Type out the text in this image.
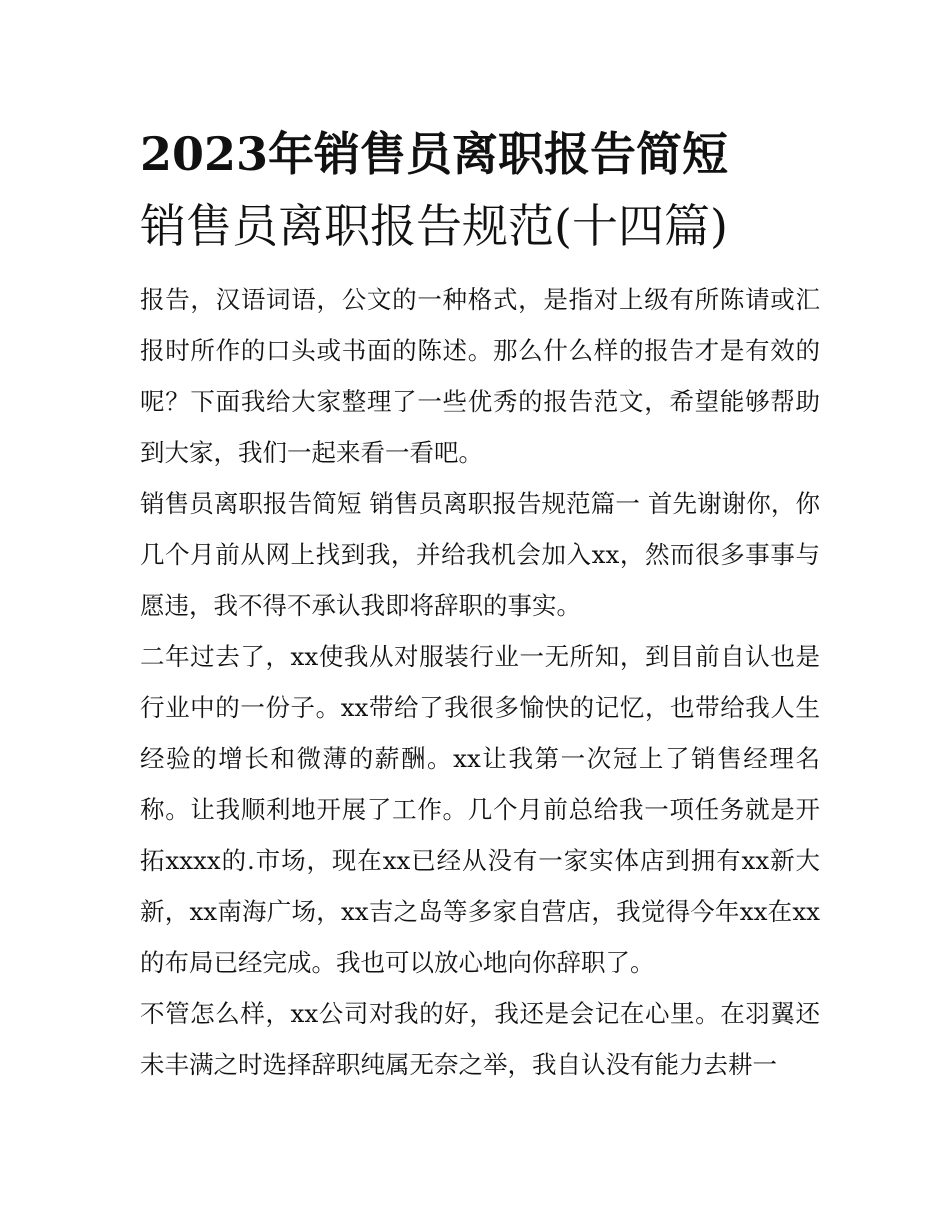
2023年销售员离职报告简短
销售员离职报告规范(十四篇)

报告，汉语词语，公文的一种格式，是指对上级有所陈请或汇报时所作的口头或书面的陈述。那么什么样的报告才是有效的呢？下面我给大家整理了一些优秀的报告范文，希望能够帮助到大家，我们一起来看一看吧。

销售员离职报告简短 销售员离职报告规范篇一 首先谢谢你，你几个月前从网上找到我，并给我机会加入xx，然而很多事事与愿违，我不得不承认我即将辞职的事实。

二年过去了，xx使我从对服装行业一无所知，到目前自认也是行业中的一份子。xx带给了我很多愉快的记忆，也带给我人生经验的增长和微薄的薪酬。xx让我第一次冠上了销售经理名称。让我顺利地开展了工作。几个月前总给我一项任务就是开拓xxxx的.市场，现在xx已经从没有一家实体店到拥有xx新大新，xx南海广场，xx吉之岛等多家自营店，我觉得今年xx在xx的布局已经完成。我也可以放心地向你辞职了。

不管怎么样，xx公司对我的好，我还是会记在心里。在羽翼还未丰满之时选择辞职纯属无奈之举，我自认没有能力去耕一
